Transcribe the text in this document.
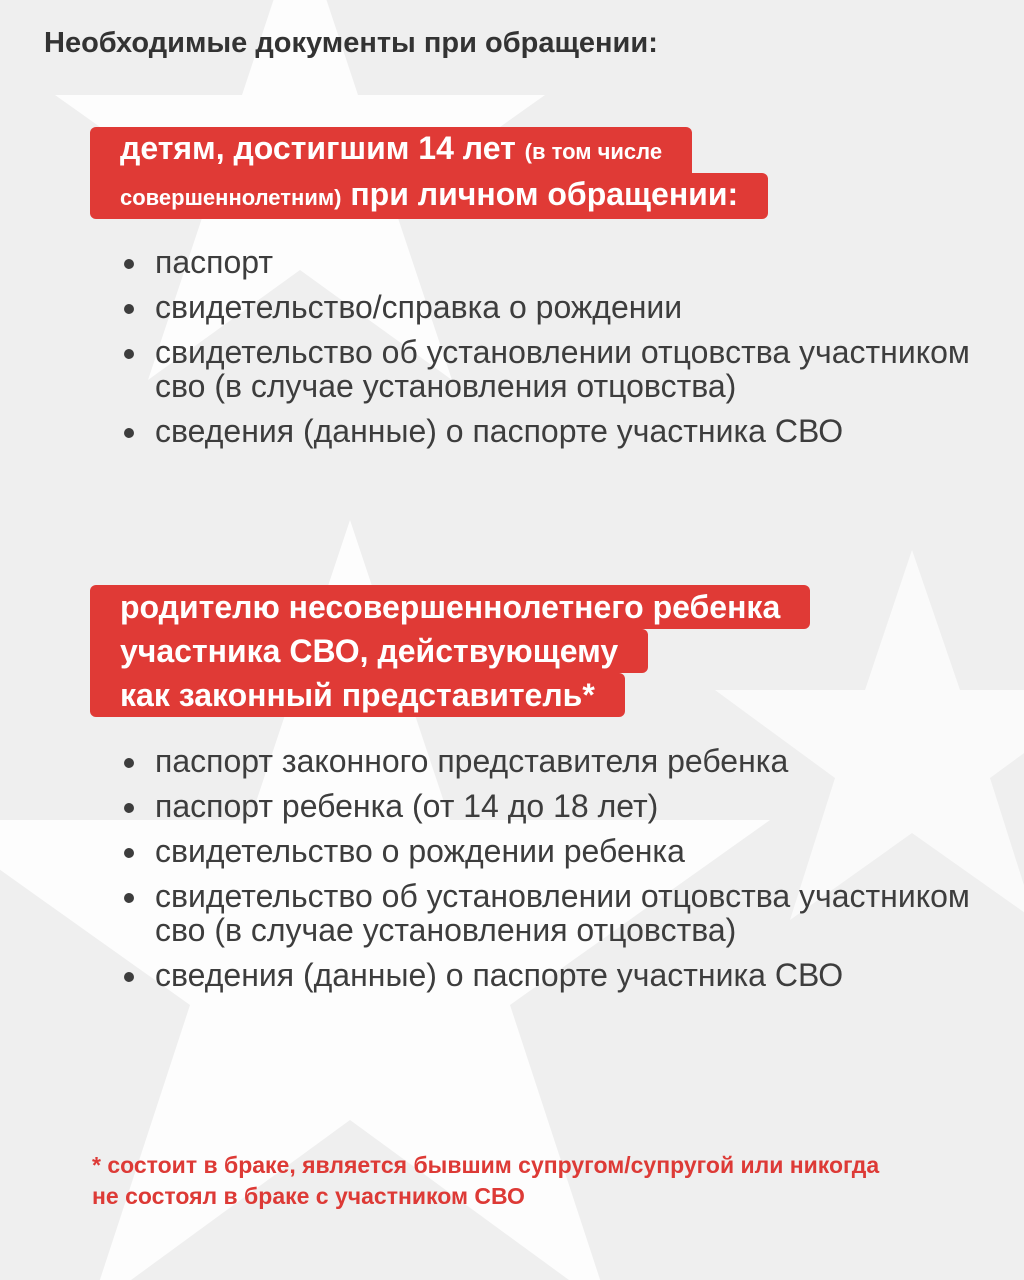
Необходимые документы при обращении:
детям, достигшим 14 лет (в том числе
совершеннолетним) при личном обращении:
паспорт
свидетельство/справка о рождении
свидетельство об установлении отцовства участником сво (в случае установления отцовства)
сведения (данные) о паспорте участника СВО
родителю несовершеннолетнего ребенка
участника СВО, действующему
как законный представитель*
паспорт законного представителя ребенка
паспорт ребенка (от 14 до 18 лет)
свидетельство о рождении ребенка
свидетельство об установлении отцовства участником сво (в случае установления отцовства)
сведения (данные) о паспорте участника СВО

* состоит в браке, является бывшим супругом/супругой или никогда не состоял в браке с участником СВО
